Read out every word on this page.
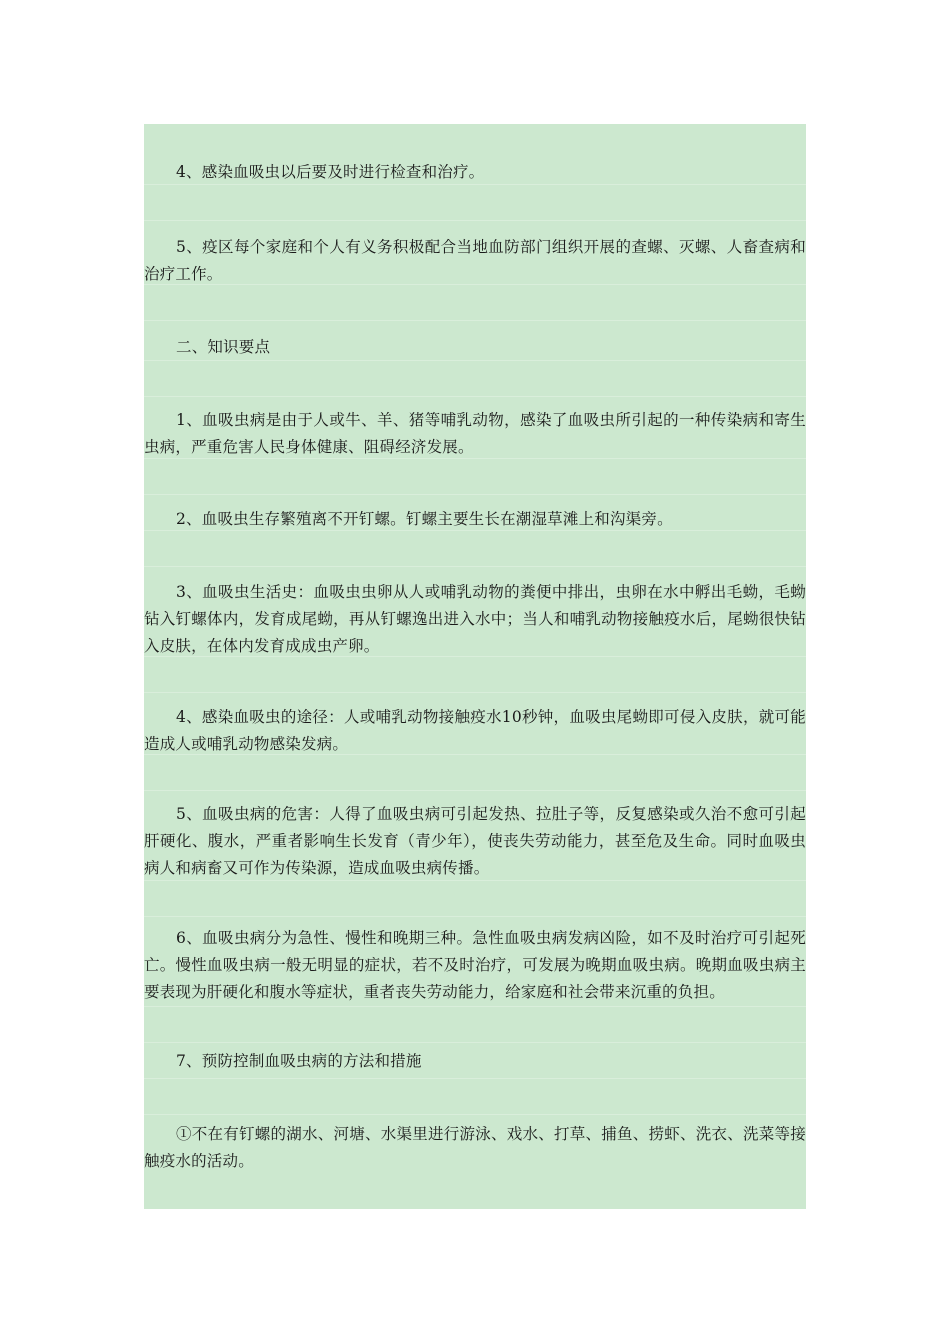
4、感染血吸虫以后要及时进行检查和治疗。

5、疫区每个家庭和个人有义务积极配合当地血防部门组织开展的查螺、灭螺、人畜查病和治疗工作。

二、知识要点

1、血吸虫病是由于人或牛、羊、猪等哺乳动物，感染了血吸虫所引起的一种传染病和寄生虫病，严重危害人民身体健康、阻碍经济发展。

2、血吸虫生存繁殖离不开钉螺。钉螺主要生长在潮湿草滩上和沟渠旁。

3、血吸虫生活史：血吸虫虫卵从人或哺乳动物的粪便中排出，虫卵在水中孵出毛蚴，毛蚴钻入钉螺体内，发育成尾蚴，再从钉螺逸出进入水中；当人和哺乳动物接触疫水后，尾蚴很快钻入皮肤，在体内发育成成虫产卵。

4、感染血吸虫的途径：人或哺乳动物接触疫水10秒钟，血吸虫尾蚴即可侵入皮肤，就可能造成人或哺乳动物感染发病。

5、血吸虫病的危害：人得了血吸虫病可引起发热、拉肚子等，反复感染或久治不愈可引起肝硬化、腹水，严重者影响生长发育（青少年），使丧失劳动能力，甚至危及生命。同时血吸虫病人和病畜又可作为传染源，造成血吸虫病传播。

6、血吸虫病分为急性、慢性和晚期三种。急性血吸虫病发病凶险，如不及时治疗可引起死亡。慢性血吸虫病一般无明显的症状，若不及时治疗，可发展为晚期血吸虫病。晚期血吸虫病主要表现为肝硬化和腹水等症状，重者丧失劳动能力，给家庭和社会带来沉重的负担。

7、预防控制血吸虫病的方法和措施

①不在有钉螺的湖水、河塘、水渠里进行游泳、戏水、打草、捕鱼、捞虾、洗衣、洗菜等接触疫水的活动。
